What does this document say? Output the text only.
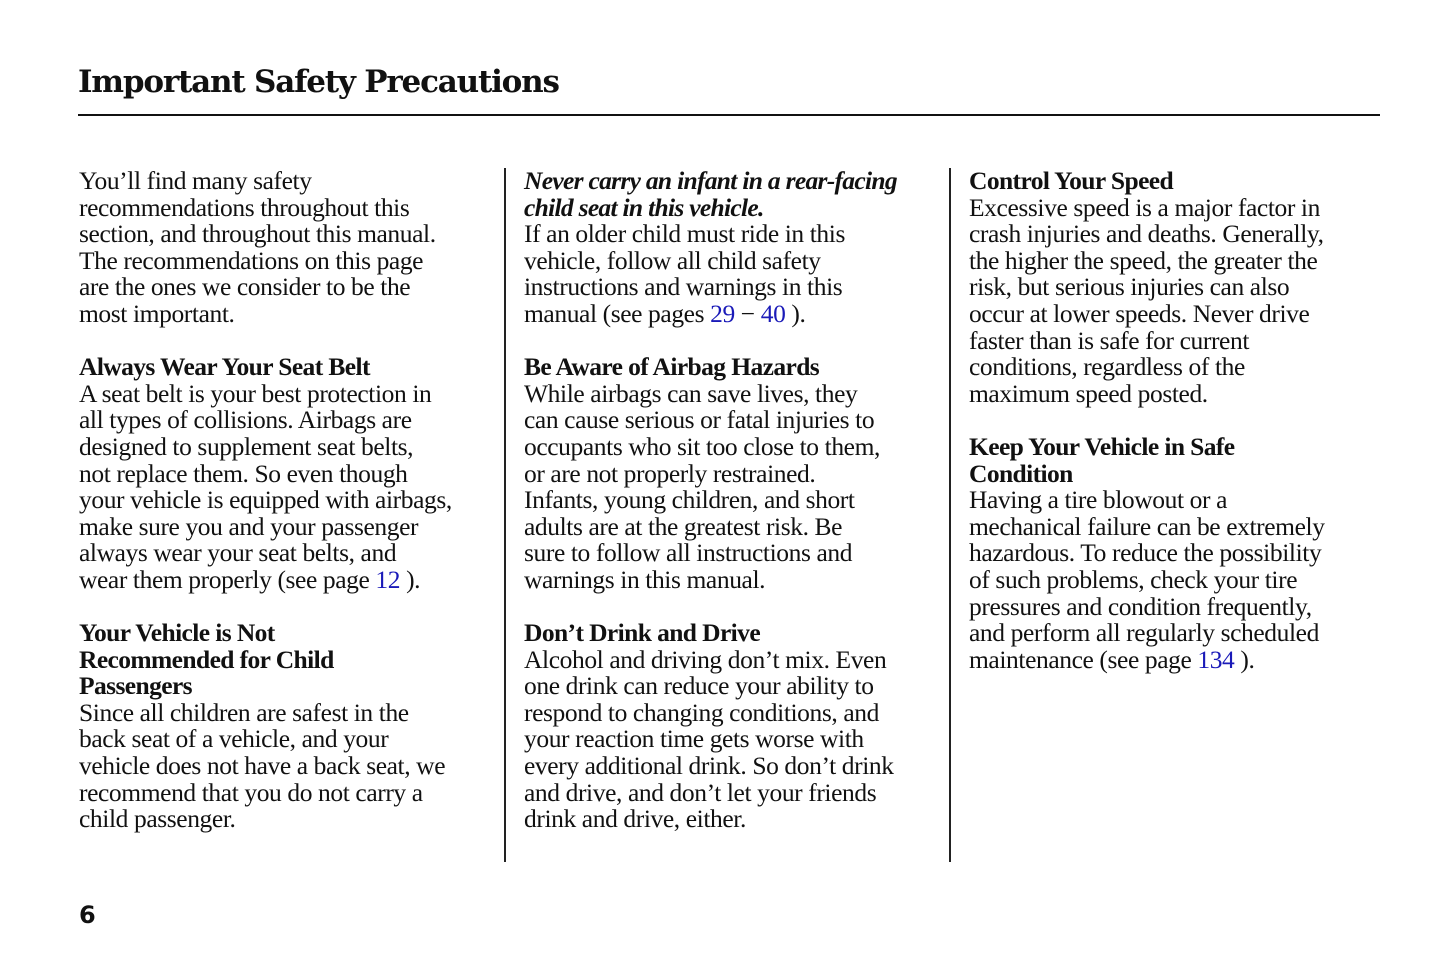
Important Safety Precautions
You’ll find many safety
recommendations throughout this
section, and throughout this manual.
The recommendations on this page
are the ones we consider to be the
most important.
Always Wear Your Seat Belt
A seat belt is your best protection in
all types of collisions. Airbags are
designed to supplement seat belts,
not replace them. So even though
your vehicle is equipped with airbags,
make sure you and your passenger
always wear your seat belts, and
wear them properly (see page 12 ).
Your Vehicle is Not
Recommended for Child
Passengers
Since all children are safest in the
back seat of a vehicle, and your
vehicle does not have a back seat, we
recommend that you do not carry a
child passenger.
Never carry an infant in a rear-facing
child seat in this vehicle.
If an older child must ride in this
vehicle, follow all child safety
instructions and warnings in this
manual (see pages 29 − 40 ).
Be Aware of Airbag Hazards
While airbags can save lives, they
can cause serious or fatal injuries to
occupants who sit too close to them,
or are not properly restrained.
Infants, young children, and short
adults are at the greatest risk. Be
sure to follow all instructions and
warnings in this manual.
Don’t Drink and Drive
Alcohol and driving don’t mix. Even
one drink can reduce your ability to
respond to changing conditions, and
your reaction time gets worse with
every additional drink. So don’t drink
and drive, and don’t let your friends
drink and drive, either.
Control Your Speed
Excessive speed is a major factor in
crash injuries and deaths. Generally,
the higher the speed, the greater the
risk, but serious injuries can also
occur at lower speeds. Never drive
faster than is safe for current
conditions, regardless of the
maximum speed posted.
Keep Your Vehicle in Safe
Condition
Having a tire blowout or a
mechanical failure can be extremely
hazardous. To reduce the possibility
of such problems, check your tire
pressures and condition frequently,
and perform all regularly scheduled
maintenance (see page 134 ).
6
